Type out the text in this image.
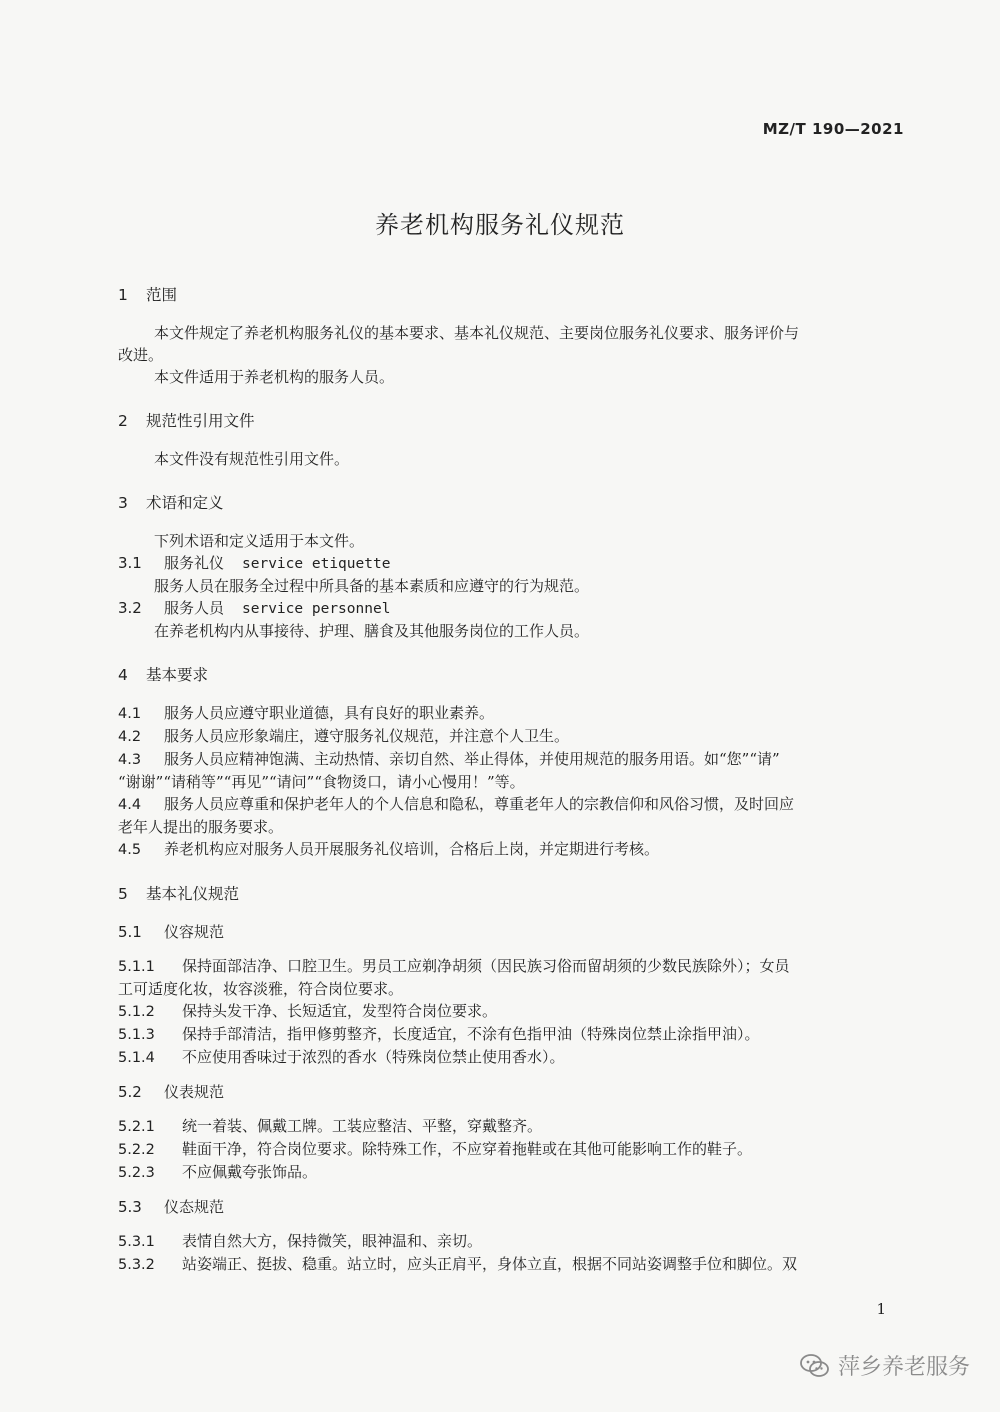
MZ/T 190—2021
养老机构服务礼仪规范
1 范围

本文件规定了养老机构服务礼仪的基本要求、基本礼仪规范、主要岗位服务礼仪要求、服务评价与

改进。

本文件适用于养老机构的服务人员。

2 规范性引用文件

本文件没有规范性引用文件。

3 术语和定义

下列术语和定义适用于本文件。

3.1 服务礼仪 service etiquette

服务人员在服务全过程中所具备的基本素质和应遵守的行为规范。

3.2 服务人员 service personnel

在养老机构内从事接待、护理、膳食及其他服务岗位的工作人员。

4 基本要求

4.1 服务人员应遵守职业道德，具有良好的职业素养。

4.2 服务人员应形象端庄，遵守服务礼仪规范，并注意个人卫生。

4.3 服务人员应精神饱满、主动热情、亲切自然、举止得体，并使用规范的服务用语。如“您”“请”

“谢谢”“请稍等”“再见”“请问”“食物烫口，请小心慢用！”等。

4.4 服务人员应尊重和保护老年人的个人信息和隐私，尊重老年人的宗教信仰和风俗习惯，及时回应

老年人提出的服务要求。

4.5 养老机构应对服务人员开展服务礼仪培训，合格后上岗，并定期进行考核。

5 基本礼仪规范
5.1 仪容规范

5.1.1 保持面部洁净、口腔卫生。男员工应剃净胡须（因民族习俗而留胡须的少数民族除外）；女员

工可适度化妆，妆容淡雅，符合岗位要求。

5.1.2 保持头发干净、长短适宜，发型符合岗位要求。

5.1.3 保持手部清洁，指甲修剪整齐，长度适宜，不涂有色指甲油（特殊岗位禁止涂指甲油）。

5.1.4 不应使用香味过于浓烈的香水（特殊岗位禁止使用香水）。

5.2 仪表规范

5.2.1 统一着装、佩戴工牌。工装应整洁、平整，穿戴整齐。

5.2.2 鞋面干净，符合岗位要求。除特殊工作，不应穿着拖鞋或在其他可能影响工作的鞋子。

5.2.3 不应佩戴夸张饰品。

5.3 仪态规范

5.3.1 表情自然大方，保持微笑，眼神温和、亲切。

5.3.2 站姿端正、挺拔、稳重。站立时，应头正肩平，身体立直，根据不同站姿调整手位和脚位。双

1
萍乡养老服务
